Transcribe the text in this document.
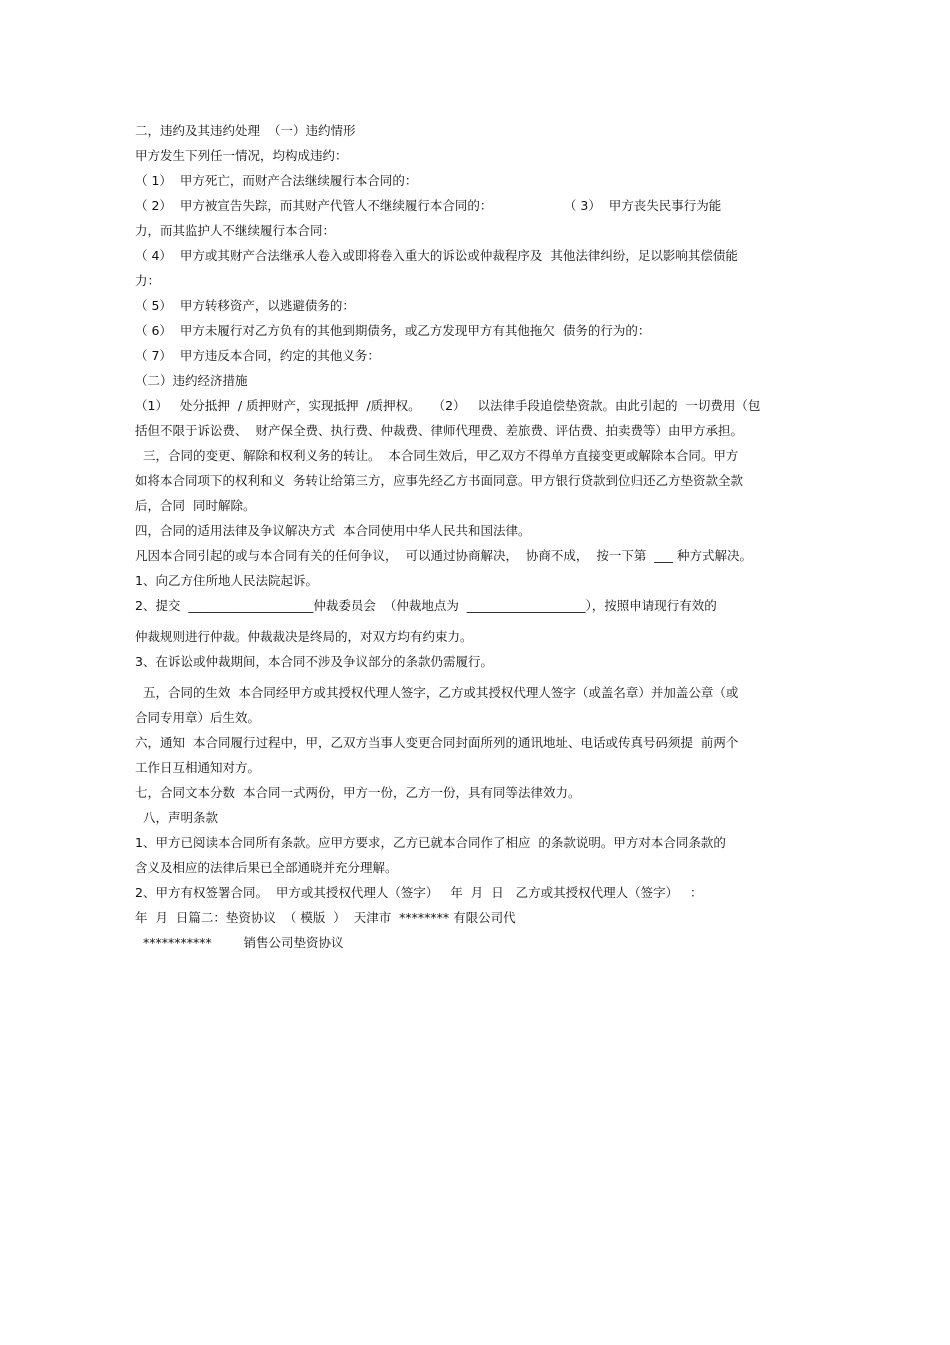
二，违约及其违约处理  （一）违约情形
甲方发生下列任一情况，均构成违约：
（ 1）  甲方死亡，而财产合法继续履行本合同的：
（ 2）  甲方被宣告失踪，而其财产代管人不继续履行本合同的：                  （ 3）  甲方丧失民事行为能
力，而其监护人不继续履行本合同：
（ 4）  甲方或其财产合法继承人卷入或即将卷入重大的诉讼或仲裁程序及  其他法律纠纷，足以影响其偿债能
力：
（ 5）  甲方转移资产，以逃避债务的：
（ 6）  甲方未履行对乙方负有的其他到期债务，或乙方发现甲方有其他拖欠  债务的行为的：
（ 7）  甲方违反本合同，约定的其他义务：
（二）违约经济措施
（1）   处分抵押  / 质押财产，实现抵押  /质押权。   （2）   以法律手段追偿垫资款。由此引起的  一切费用（包
括但不限于诉讼费、  财产保全费、执行费、仲裁费、律师代理费、差旅费、评估费、拍卖费等）由甲方承担。
三，合同的变更、解除和权利义务的转让。  本合同生效后，甲乙双方不得单方直接变更或解除本合同。甲方
如将本合同项下的权利和义  务转让给第三方，应事先经乙方书面同意。甲方银行贷款到位归还乙方垫资款全款
后，合同  同时解除。
四，合同的适用法律及争议解决方式  本合同使用中华人民共和国法律。
凡因本合同引起的或与本合同有关的任何争议，  可以通过协商解决，  协商不成，  按一下第  ___ 种方式解决。
1、向乙方住所地人民法院起诉。
2、提交  ____________________仲裁委员会  （仲裁地点为  ___________________），按照申请现行有效的
仲裁规则进行仲裁。仲裁裁决是终局的，对双方均有约束力。
3、在诉讼或仲裁期间，本合同不涉及争议部分的条款仍需履行。
五，合同的生效  本合同经甲方或其授权代理人签字，乙方或其授权代理人签字（或盖名章）并加盖公章（或
合同专用章）后生效。
六，通知  本合同履行过程中，甲，乙双方当事人变更合同封面所列的通讯地址、电话或传真号码须提  前两个
工作日互相通知对方。
七，合同文本分数  本合同一式两份，甲方一份，乙方一份，具有同等法律效力。
八，声明条款
1、甲方已阅读本合同所有条款。应甲方要求，乙方已就本合同作了相应  的条款说明。甲方对本合同条款的
含义及相应的法律后果已全部通晓并充分理解。
2、甲方有权签署合同。  甲方或其授权代理人（签字）   年  月  日   乙方或其授权代理人（签字）   ：
年  月  日篇二：垫资协议  （ 模版  ）  天津市  ******** 有限公司代
***********        销售公司垫资协议
